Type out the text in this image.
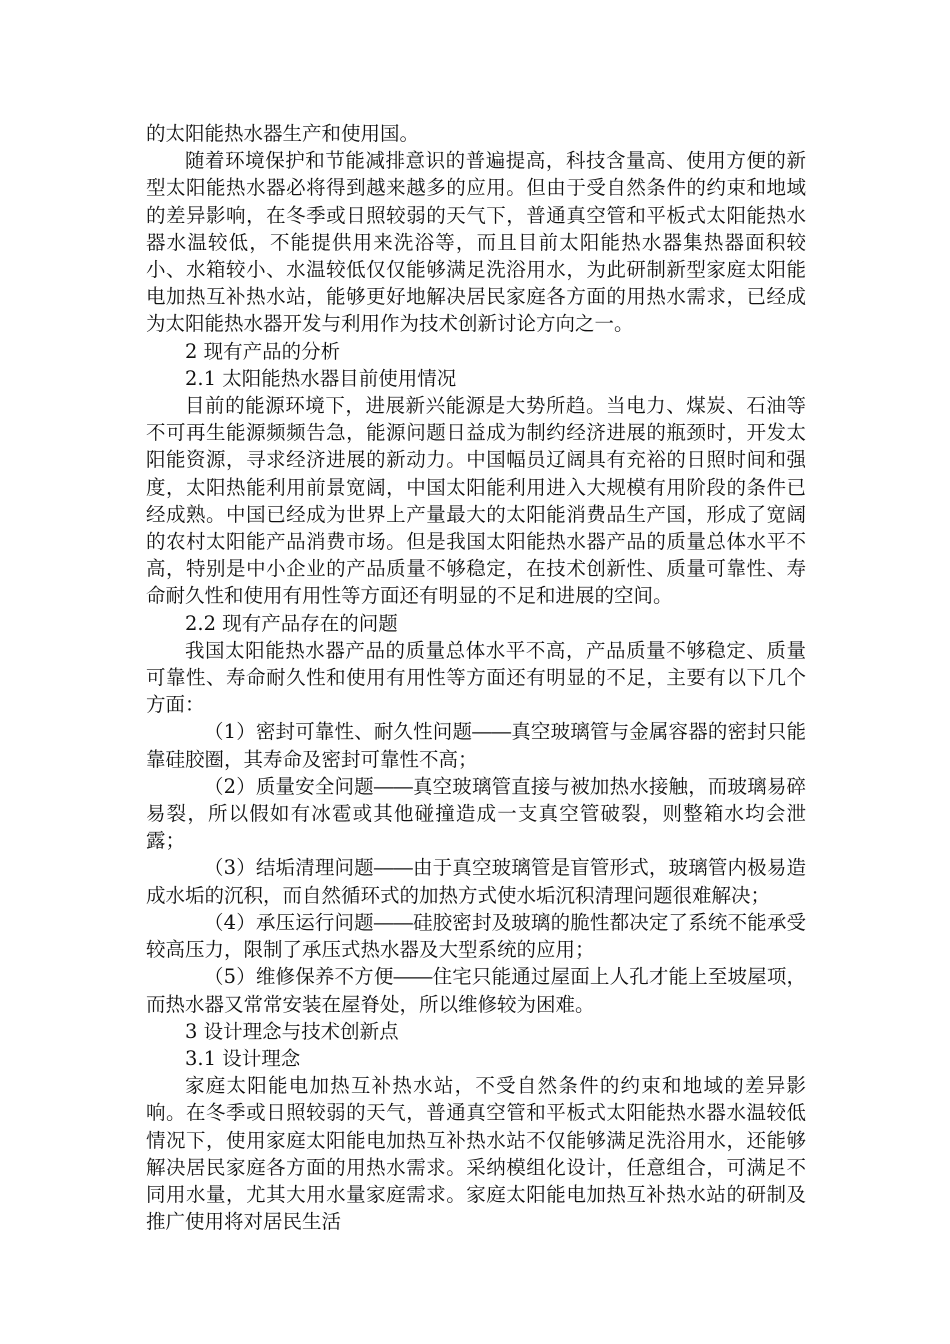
的太阳能热水器生产和使用国。

随着环境保护和节能减排意识的普遍提高，科技含量高、使用方便的新型太阳能热水器必将得到越来越多的应用。但由于受自然条件的约束和地域的差异影响，在冬季或日照较弱的天气下，普通真空管和平板式太阳能热水器水温较低，不能提供用来洗浴等，而且目前太阳能热水器集热器面积较小、水箱较小、水温较低仅仅能够满足洗浴用水，为此研制新型家庭太阳能电加热互补热水站，能够更好地解决居民家庭各方面的用热水需求，已经成为太阳能热水器开发与利用作为技术创新讨论方向之一。

2 现有产品的分析

2.1 太阳能热水器目前使用情况

目前的能源环境下，进展新兴能源是大势所趋。当电力、煤炭、石油等不可再生能源频频告急，能源问题日益成为制约经济进展的瓶颈时，开发太阳能资源，寻求经济进展的新动力。中国幅员辽阔具有充裕的日照时间和强度，太阳热能利用前景宽阔，中国太阳能利用进入大规模有用阶段的条件已经成熟。中国已经成为世界上产量最大的太阳能消费品生产国，形成了宽阔的农村太阳能产品消费市场。但是我国太阳能热水器产品的质量总体水平不高，特别是中小企业的产品质量不够稳定，在技术创新性、质量可靠性、寿命耐久性和使用有用性等方面还有明显的不足和进展的空间。

2.2 现有产品存在的问题

我国太阳能热水器产品的质量总体水平不高，产品质量不够稳定、质量可靠性、寿命耐久性和使用有用性等方面还有明显的不足，主要有以下几个方面：

（1）密封可靠性、耐久性问题――真空玻璃管与金属容器的密封只能靠硅胶圈，其寿命及密封可靠性不高；

（2）质量安全问题――真空玻璃管直接与被加热水接触，而玻璃易碎易裂，所以假如有冰雹或其他碰撞造成一支真空管破裂，则整箱水均会泄露；

（3）结垢清理问题――由于真空玻璃管是盲管形式，玻璃管内极易造成水垢的沉积，而自然循环式的加热方式使水垢沉积清理问题很难解决；

（4）承压运行问题――硅胶密封及玻璃的脆性都决定了系统不能承受较高压力，限制了承压式热水器及大型系统的应用；

（5）维修保养不方便――住宅只能通过屋面上人孔才能上至坡屋项，而热水器又常常安装在屋脊处，所以维修较为困难。

3 设计理念与技术创新点

3.1 设计理念

家庭太阳能电加热互补热水站，不受自然条件的约束和地域的差异影响。在冬季或日照较弱的天气，普通真空管和平板式太阳能热水器水温较低情况下，使用家庭太阳能电加热互补热水站不仅能够满足洗浴用水，还能够解决居民家庭各方面的用热水需求。采纳模组化设计，任意组合，可满足不同用水量，尤其大用水量家庭需求。家庭太阳能电加热互补热水站的研制及推广使用将对居民生活
